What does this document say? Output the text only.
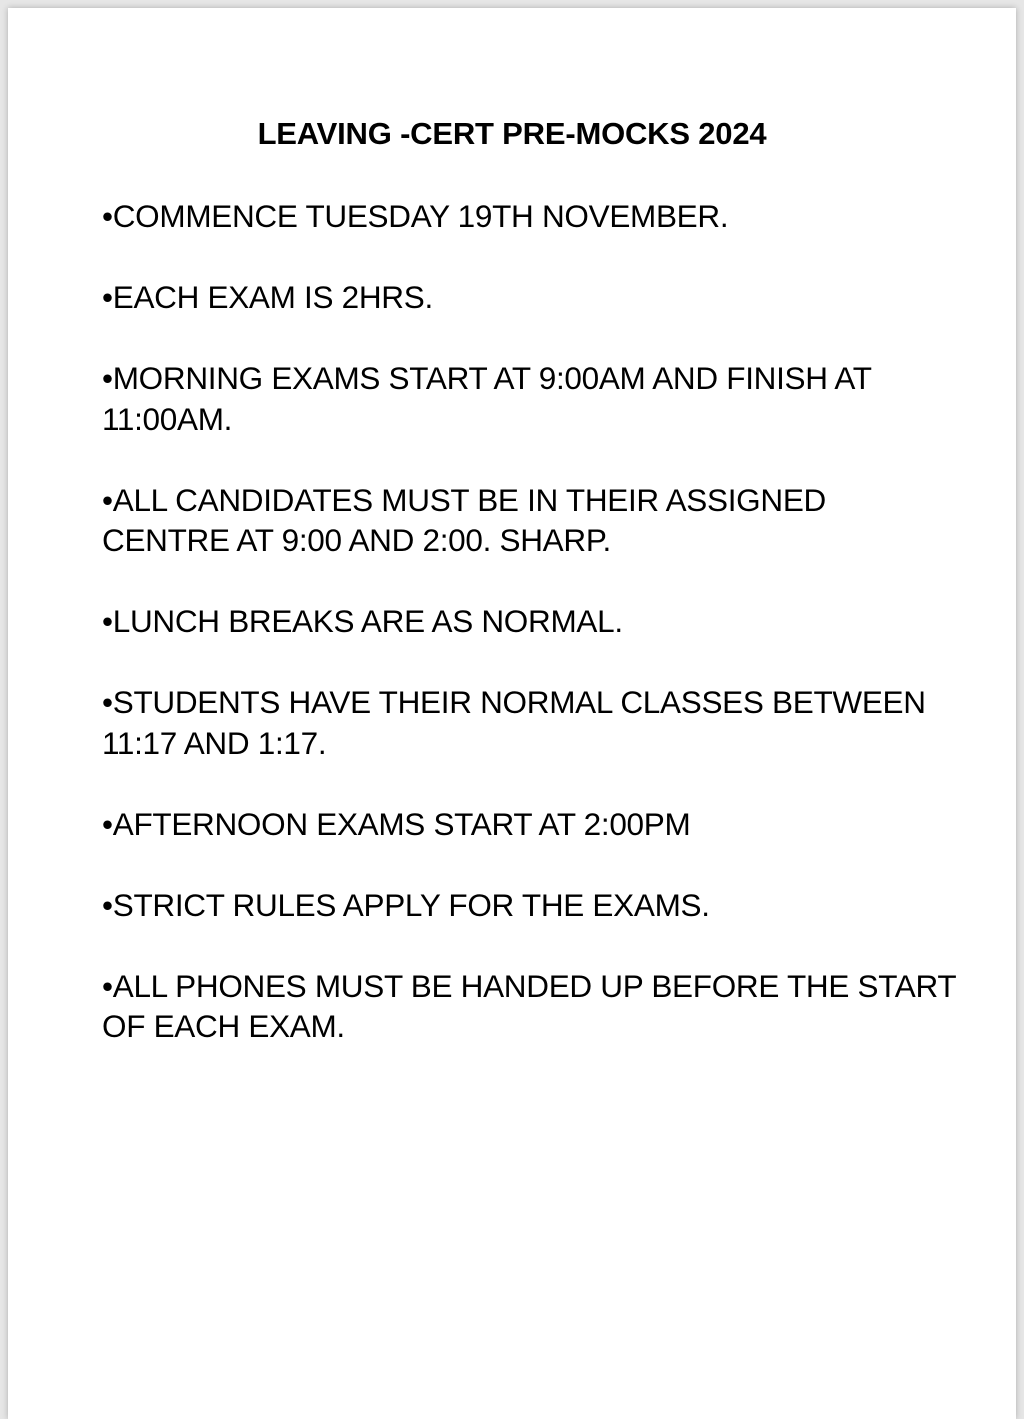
LEAVING -CERT PRE-MOCKS 2024
•COMMENCE TUESDAY 19TH NOVEMBER.
•EACH EXAM IS 2HRS.
•MORNING EXAMS START AT 9:00AM AND FINISH AT 11:00AM.
•ALL CANDIDATES MUST BE IN THEIR ASSIGNED CENTRE AT 9:00 AND 2:00. SHARP.
•LUNCH BREAKS ARE AS NORMAL.
•STUDENTS HAVE THEIR NORMAL CLASSES BETWEEN 11:17 AND 1:17.
•AFTERNOON EXAMS START AT 2:00PM
•STRICT RULES APPLY FOR THE EXAMS.
•ALL PHONES MUST BE HANDED UP BEFORE THE START OF EACH EXAM.
